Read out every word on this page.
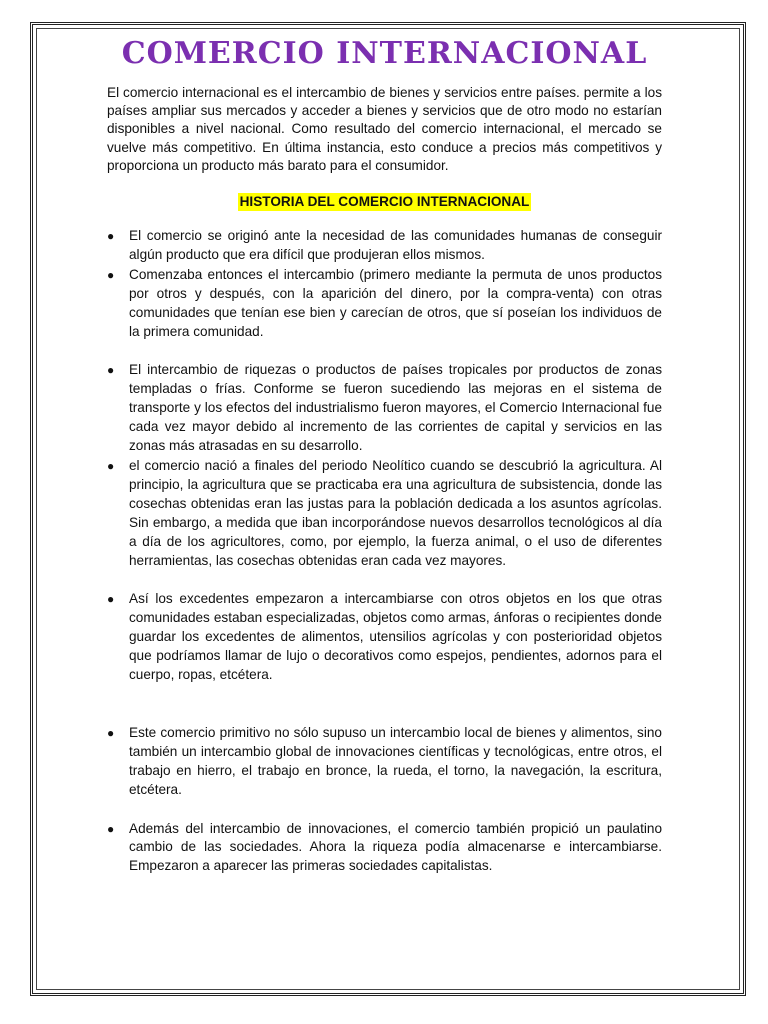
COMERCIO INTERNACIONAL

El comercio internacional es el intercambio de bienes y servicios entre países. permite a los países ampliar sus mercados y acceder a bienes y servicios que de otro modo no estarían disponibles a nivel nacional. Como resultado del comercio internacional, el mercado se vuelve más competitivo. En última instancia, esto conduce a precios más competitivos y proporciona un producto más barato para el consumidor.

HISTORIA DEL COMERCIO INTERNACIONAL
● El comercio se originó ante la necesidad de las comunidades humanas de conseguir algún producto que era difícil que produjeran ellos mismos.
● Comenzaba entonces el intercambio (primero mediante la permuta de unos productos por otros y después, con la aparición del dinero, por la compra-venta) con otras comunidades que tenían ese bien y carecían de otros, que sí poseían los individuos de la primera comunidad.
● El intercambio de riquezas o productos de países tropicales por productos de zonas templadas o frías. Conforme se fueron sucediendo las mejoras en el sistema de transporte y los efectos del industrialismo fueron mayores, el Comercio Internacional fue cada vez mayor debido al incremento de las corrientes de capital y servicios en las zonas más atrasadas en su desarrollo.
● el comercio nació a finales del periodo Neolítico cuando se descubrió la agricultura. Al principio, la agricultura que se practicaba era una agricultura de subsistencia, donde las cosechas obtenidas eran las justas para la población dedicada a los asuntos agrícolas. Sin embargo, a medida que iban incorporándose nuevos desarrollos tecnológicos al día a día de los agricultores, como, por ejemplo, la fuerza animal, o el uso de diferentes herramientas, las cosechas obtenidas eran cada vez mayores.
● Así los excedentes empezaron a intercambiarse con otros objetos en los que otras comunidades estaban especializadas, objetos como armas, ánforas o recipientes donde guardar los excedentes de alimentos, utensilios agrícolas y con posterioridad objetos que podríamos llamar de lujo o decorativos como espejos, pendientes, adornos para el cuerpo, ropas, etcétera.
● Este comercio primitivo no sólo supuso un intercambio local de bienes y alimentos, sino también un intercambio global de innovaciones científicas y tecnológicas, entre otros, el trabajo en hierro, el trabajo en bronce, la rueda, el torno, la navegación, la escritura, etcétera.
● Además del intercambio de innovaciones, el comercio también propició un paulatino cambio de las sociedades. Ahora la riqueza podía almacenarse e intercambiarse. Empezaron a aparecer las primeras sociedades capitalistas.
